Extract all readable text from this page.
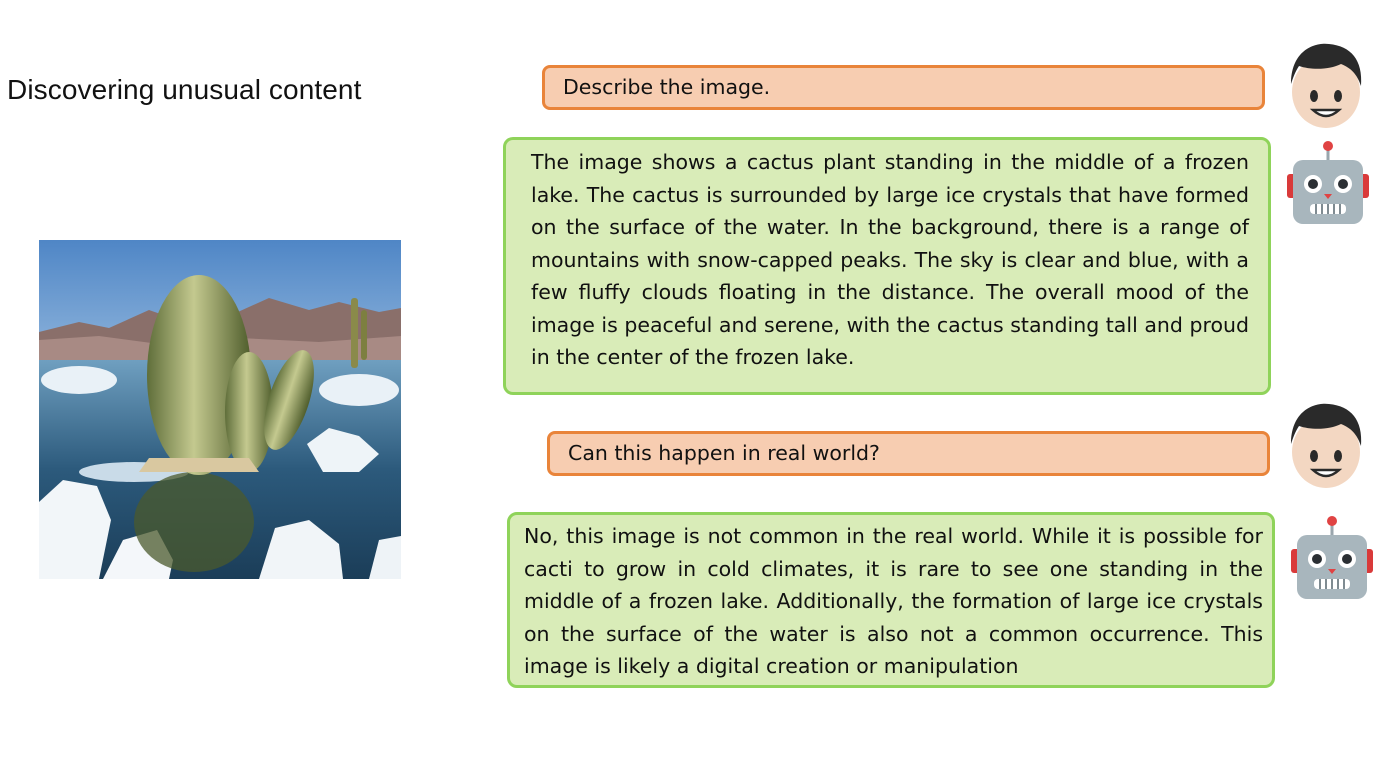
Discovering unusual content	Describe the image.
The image shows a cactus plant standing in the middle of a frozen lake. The cactus is surrounded by large ice crystals that have formed on the surface of the water. In the background, there is a range of mountains with snow-capped peaks. The sky is clear and blue, with a few fluffy clouds floating in the distance. The overall mood of the image is peaceful and serene, with the cactus standing tall and proud in the center of the frozen lake.
Can this happen in real world?
No, this image is not common in the real world. While it is possible for cacti to grow in cold climates, it is rare to see one standing in the middle of a frozen lake. Additionally, the formation of large ice crystals on the surface of the water is also not a common occurrence. This image is likely a digital creation or manipulation
